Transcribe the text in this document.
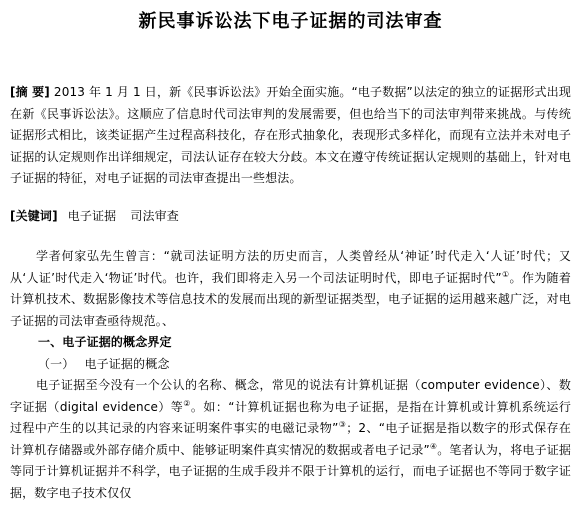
新民事诉讼法下电子证据的司法审查

[摘 要] 2013 年 1 月 1 日，新《民事诉讼法》开始全面实施。“电子数据”以法定的独立的证据形式出现在新《民事诉讼法》。这顺应了信息时代司法审判的发展需要，但也给当下的司法审判带来挑战。与传统证据形式相比，该类证据产生过程高科技化，存在形式抽象化，表现形式多样化，而现有立法并未对电子证据的认定规则作出详细规定，司法认证存在较大分歧。本文在遵守传统证据认定规则的基础上，针对电子证据的特征，对电子证据的司法审查提出一些想法。

[关键词] 电子证据 司法审查

学者何家弘先生曾言：“就司法证明方法的历史而言，人类曾经从‘神证’时代走入‘人证’时代；又从‘人证’时代走入‘物证’时代。也许，我们即将走入另一个司法证明时代，即电子证据时代”①。作为随着计算机技术、数据影像技术等信息技术的发展而出现的新型证据类型，电子证据的运用越来越广泛，对电子证据的司法审查亟待规范。、

一、电子证据的概念界定

（一） 电子证据的概念

电子证据至今没有一个公认的名称、概念，常见的说法有计算机证据（computer evidence）、数字证据（digital evidence）等②。如：“计算机证据也称为电子证据，是指在计算机或计算机系统运行过程中产生的以其记录的内容来证明案件事实的电磁记录物”③；2、“电子证据是指以数字的形式保存在计算机存储器或外部存储介质中、能够证明案件真实情况的数据或者电子记录”④。笔者认为，将电子证据等同于计算机证据并不科学，电子证据的生成手段并不限于计算机的运行，而电子证据也不等同于数字证据，数字电子技术仅仅
